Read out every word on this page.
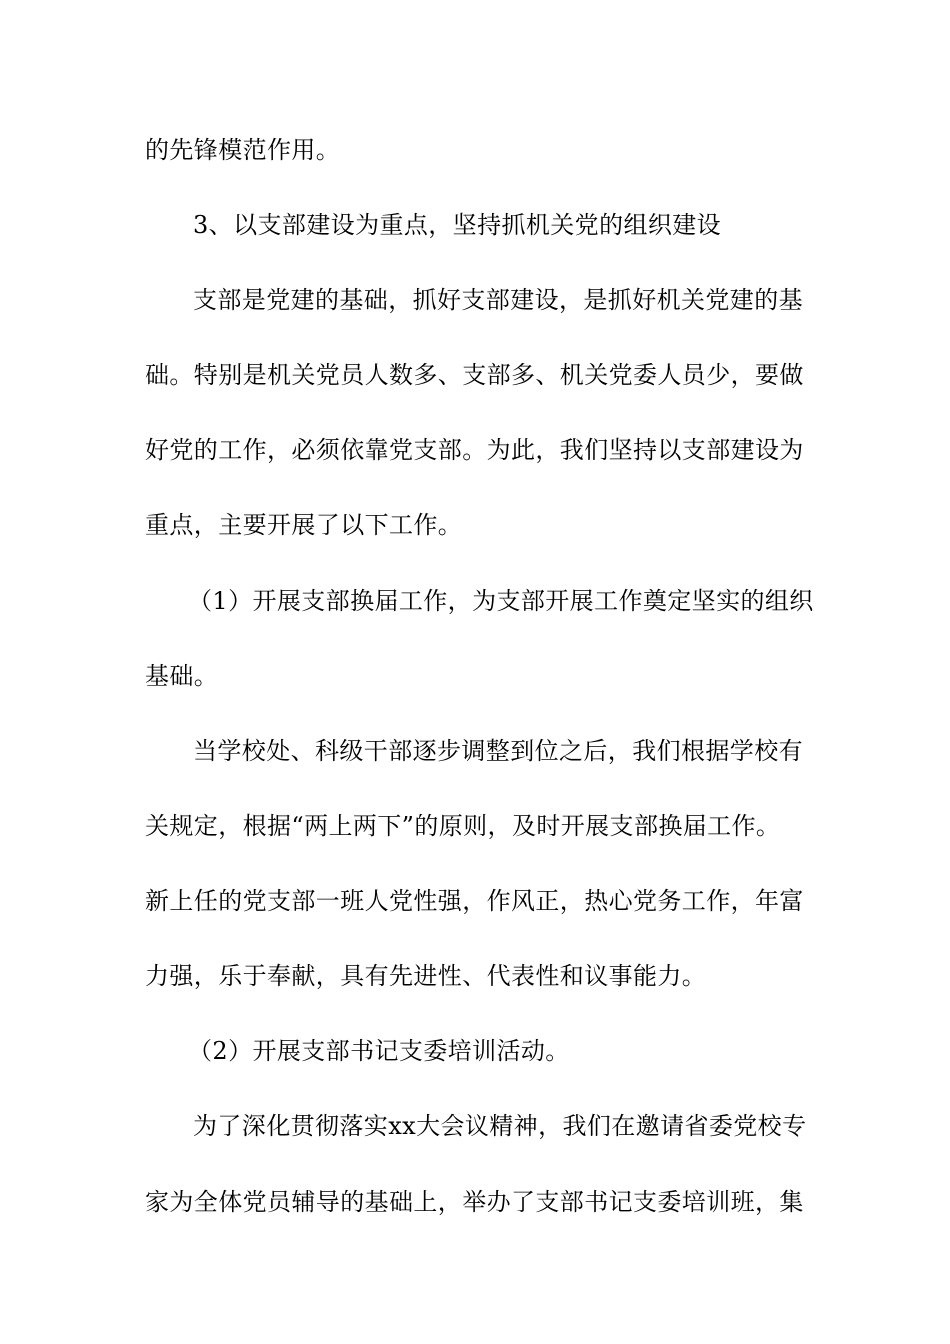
的先锋模范作用。
3、以支部建设为重点，坚持抓机关党的组织建设
支部是党建的基础，抓好支部建设，是抓好机关党建的基
础。特别是机关党员人数多、支部多、机关党委人员少，要做
好党的工作，必须依靠党支部。为此，我们坚持以支部建设为
重点，主要开展了以下工作。
（1）开展支部换届工作，为支部开展工作奠定坚实的组织
基础。
当学校处、科级干部逐步调整到位之后，我们根据学校有
关规定，根据“两上两下”的原则，及时开展支部换届工作。
新上任的党支部一班人党性强，作风正，热心党务工作，年富
力强，乐于奉献，具有先进性、代表性和议事能力。
（2）开展支部书记支委培训活动。
为了深化贯彻落实xx大会议精神，我们在邀请省委党校专
家为全体党员辅导的基础上，举办了支部书记支委培训班，集
